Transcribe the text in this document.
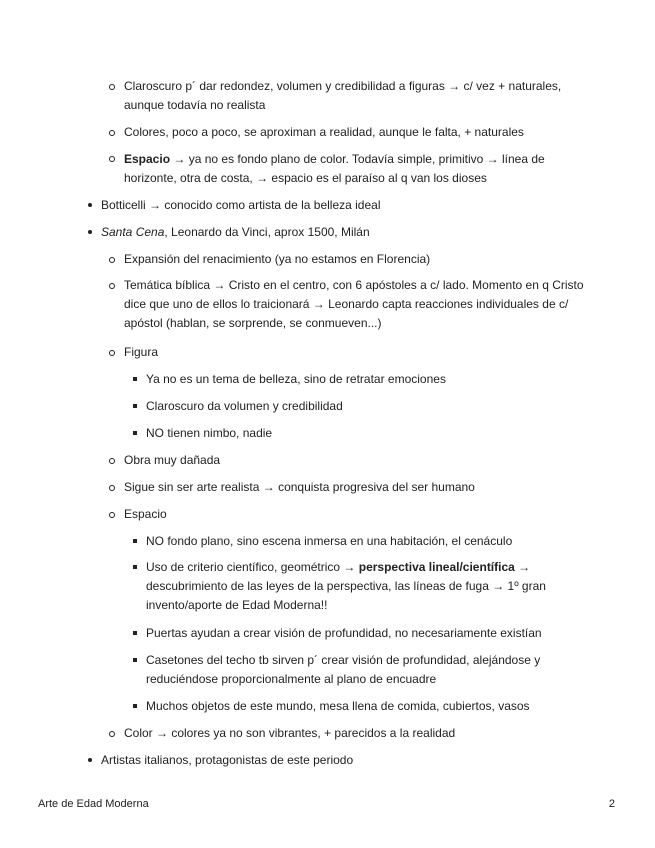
Claroscuro p´ dar redondez, volumen y credibilidad a figuras → c/ vez + naturales, aunque todavía no realista
Colores, poco a poco, se aproximan a realidad, aunque le falta, + naturales
Espacio → ya no es fondo plano de color. Todavía simple, primitivo → línea de horizonte, otra de costa, → espacio es el paraíso al q van los dioses
Botticelli → conocido como artista de la belleza ideal
Santa Cena, Leonardo da Vinci, aprox 1500, Milán
Expansión del renacimiento (ya no estamos en Florencia)
Temática bíblica → Cristo en el centro, con 6 apóstoles a c/ lado. Momento en q Cristo dice que uno de ellos lo traicionará → Leonardo capta reacciones individuales de c/ apóstol (hablan, se sorprende, se conmueven...)
Figura
Ya no es un tema de belleza, sino de retratar emociones
Claroscuro da volumen y credibilidad
NO tienen nimbo, nadie
Obra muy dañada
Sigue sin ser arte realista → conquista progresiva del ser humano
Espacio
NO fondo plano, sino escena inmersa en una habitación, el cenáculo
Uso de criterio científico, geométrico → perspectiva lineal/científica → descubrimiento de las leyes de la perspectiva, las líneas de fuga → 1º gran invento/aporte de Edad Moderna!!
Puertas ayudan a crear visión de profundidad, no necesariamente existían
Casetones del techo tb sirven p´ crear visión de profundidad, alejándose y reduciéndose proporcionalmente al plano de encuadre
Muchos objetos de este mundo, mesa llena de comida, cubiertos, vasos
Color → colores ya no son vibrantes, + parecidos a la realidad
Artistas italianos, protagonistas de este periodo
Arte de Edad Moderna	2
